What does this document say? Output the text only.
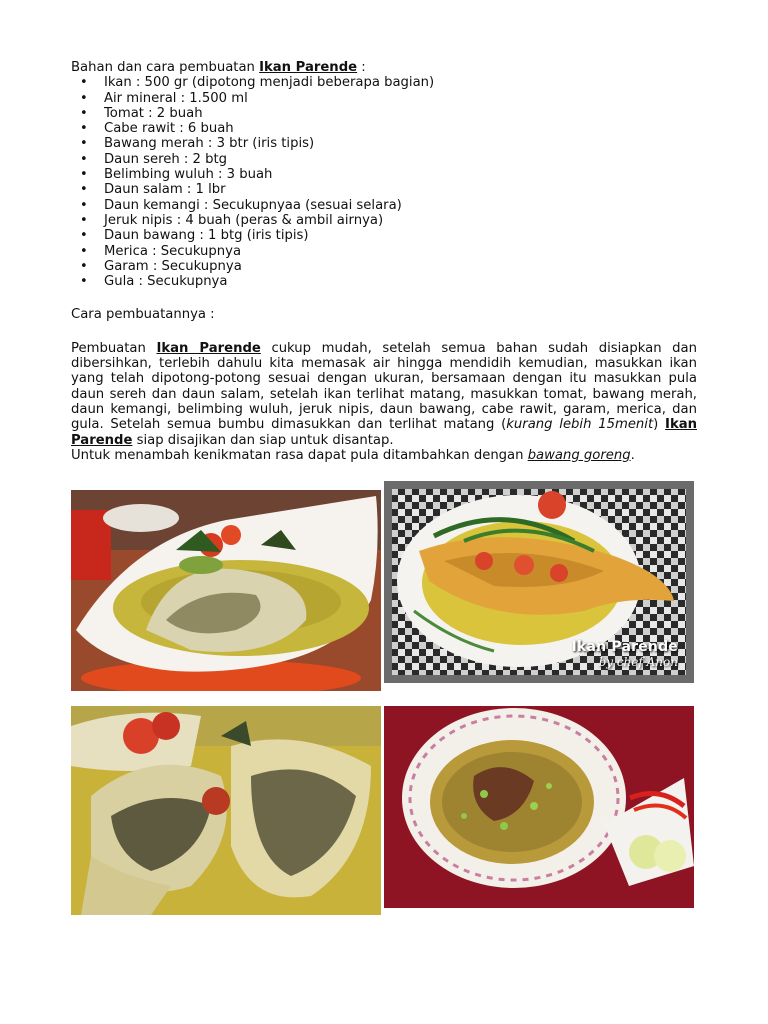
Bahan dan cara pembuatan Ikan Parende :

• Ikan : 500 gr (dipotong menjadi beberapa bagian)
• Air mineral : 1.500 ml
• Tomat : 2 buah
• Cabe rawit : 6 buah
• Bawang merah : 3 btr (iris tipis)
• Daun sereh : 2 btg
• Belimbing wuluh : 3 buah
• Daun salam : 1 lbr
• Daun kemangi : Secukupnyaa (sesuai selara)
• Jeruk nipis : 4 buah (peras & ambil airnya)
• Daun bawang : 1 btg (iris tipis)
• Merica : Secukupnya
• Garam : Secukupnya
• Gula : Secukupnya

Cara pembuatannya :

Pembuatan Ikan Parende cukup mudah, setelah semua bahan sudah disiapkan dan dibersihkan, terlebih dahulu kita memasak air hingga mendidih kemudian, masukkan ikan yang telah dipotong-potong sesuai dengan ukuran, bersamaan dengan itu masukkan pula daun sereh dan daun salam, setelah ikan terlihat matang, masukkan tomat, bawang merah, daun kemangi, belimbing wuluh, jeruk nipis, daun bawang, cabe rawit, garam, merica, dan gula. Setelah semua bumbu dimasukkan dan terlihat matang (kurang lebih 15menit) Ikan Parende siap disajikan dan siap untuk disantap.

Untuk menambah kenikmatan rasa dapat pula ditambahkan dengan bawang goreng.

Ikan Parende
by chef Anon
